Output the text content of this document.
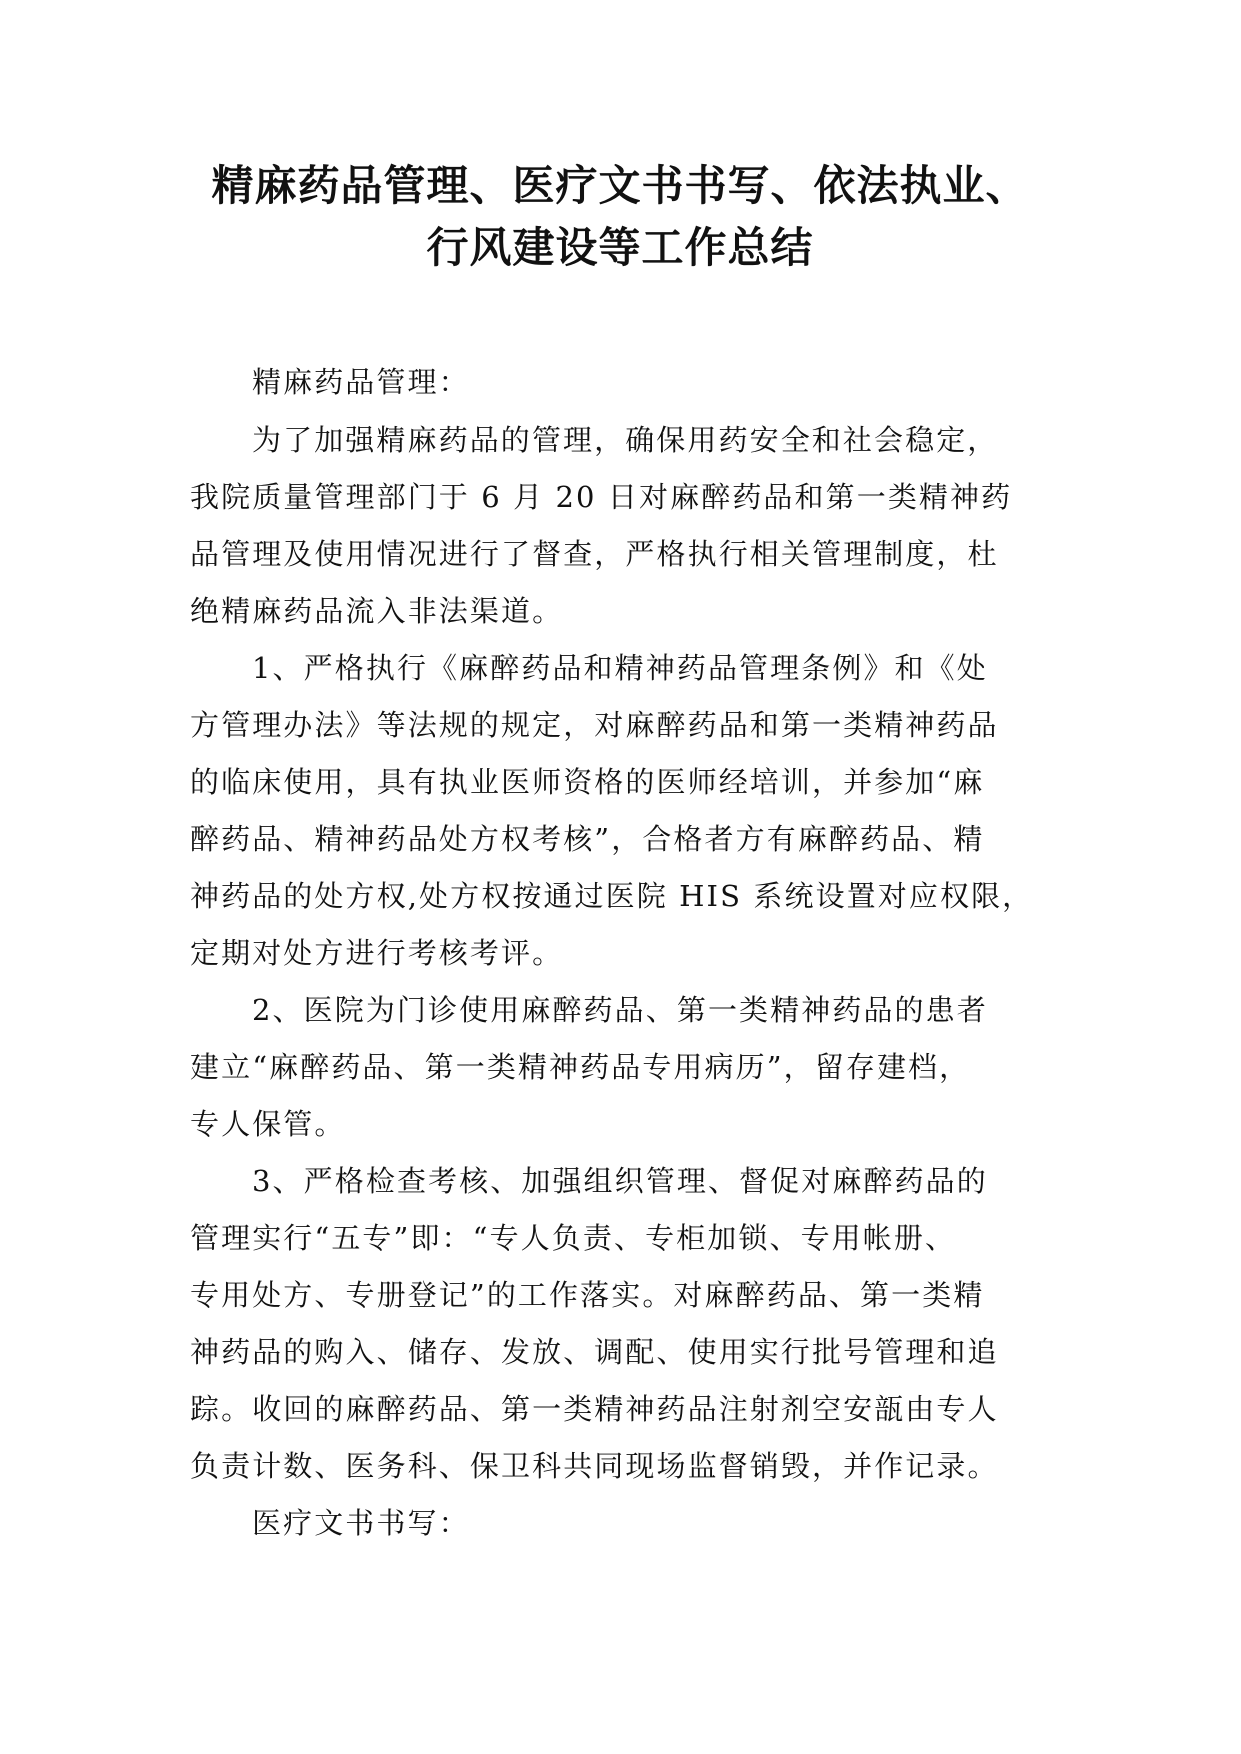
精麻药品管理、医疗文书书写、依法执业、
行风建设等工作总结
精麻药品管理：
为了加强精麻药品的管理，确保用药安全和社会稳定，
我院质量管理部门于 6 月 20 日对麻醉药品和第一类精神药
品管理及使用情况进行了督查，严格执行相关管理制度，杜
绝精麻药品流入非法渠道。
1、严格执行《麻醉药品和精神药品管理条例》和《处
方管理办法》等法规的规定，对麻醉药品和第一类精神药品
的临床使用，具有执业医师资格的医师经培训，并参加“麻
醉药品、精神药品处方权考核”，合格者方有麻醉药品、精
神药品的处方权,处方权按通过医院 HIS 系统设置对应权限，
定期对处方进行考核考评。
2、医院为门诊使用麻醉药品、第一类精神药品的患者
建立“麻醉药品、第一类精神药品专用病历”，留存建档，
专人保管。
3、严格检查考核、加强组织管理、督促对麻醉药品的
管理实行“五专”即：“专人负责、专柜加锁、专用帐册、
专用处方、专册登记”的工作落实。对麻醉药品、第一类精
神药品的购入、储存、发放、调配、使用实行批号管理和追
踪。收回的麻醉药品、第一类精神药品注射剂空安瓿由专人
负责计数、医务科、保卫科共同现场监督销毁，并作记录。
医疗文书书写：
